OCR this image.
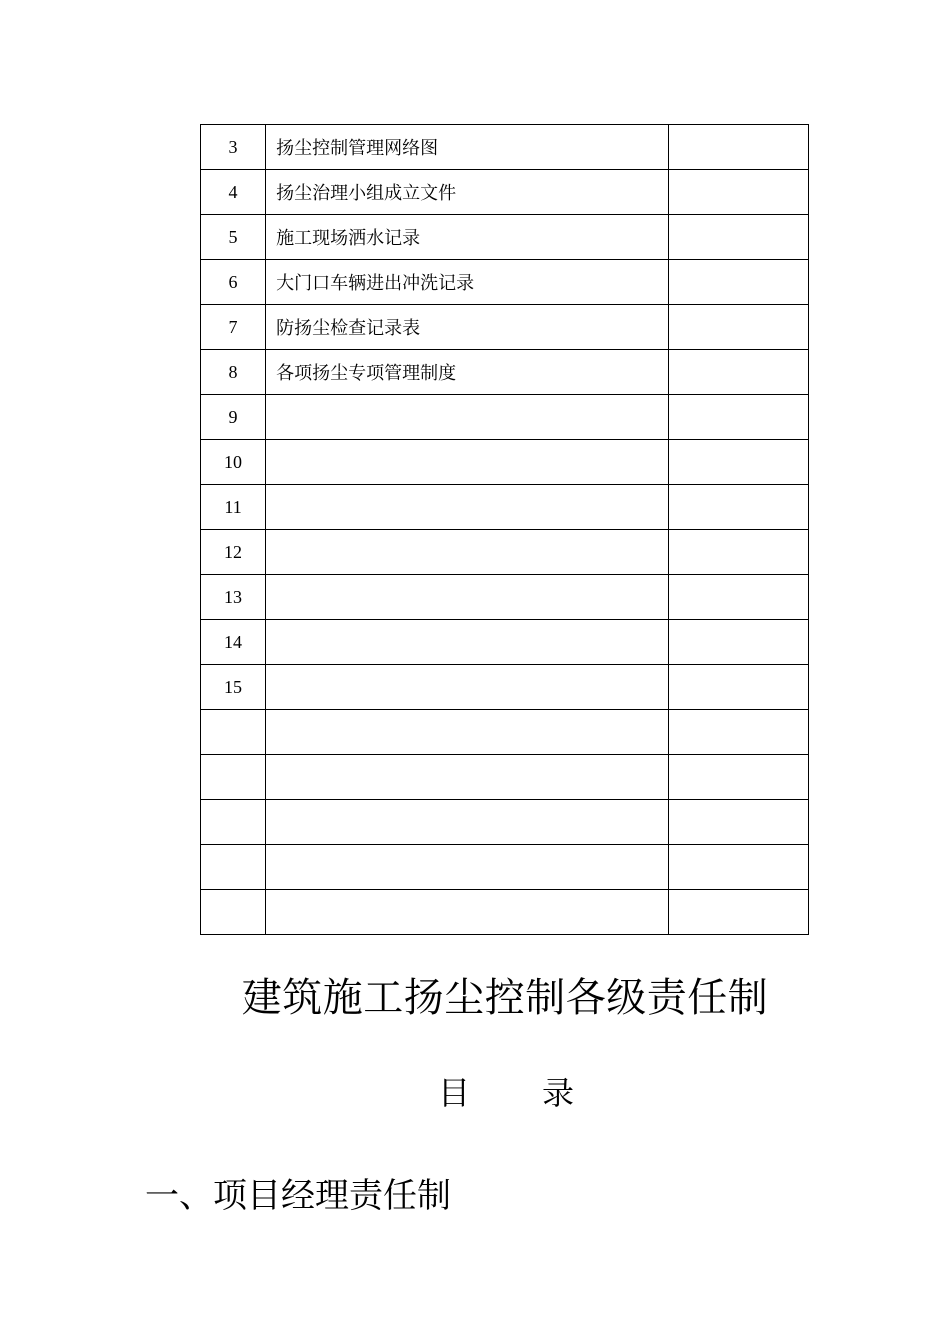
3	扬尘控制管理网络图	
4	扬尘治理小组成立文件	
5	施工现场洒水记录	
6	大门口车辆进出冲洗记录	
7	防扬尘检查记录表	
8	各项扬尘专项管理制度	
9		
10		
11		
12		
13		
14		
15		

建筑施工扬尘控制各级责任制
目 录
一、项目经理责任制
